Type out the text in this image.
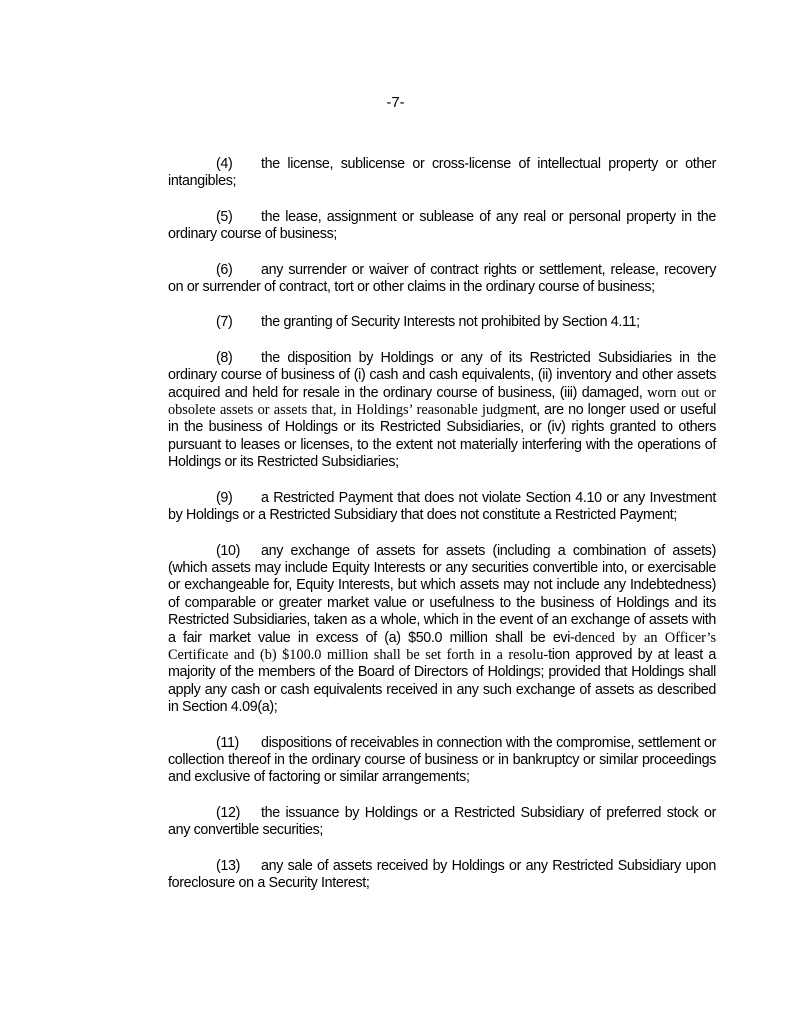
-7-

(4) the license, sublicense or cross-license of intellectual property or other intangibles;

(5) the lease, assignment or sublease of any real or personal property in the ordinary course of business;

(6) any surrender or waiver of contract rights or settlement, release, recovery on or surrender of contract, tort or other claims in the ordinary course of business;

(7) the granting of Security Interests not prohibited by Section 4.11;

(8) the disposition by Holdings or any of its Restricted Subsidiaries in the ordinary course of business of (i) cash and cash equivalents, (ii) inventory and other assets acquired and held for resale in the ordinary course of business, (iii) damaged, worn out or obsolete assets or assets that, in Holdings’ reasonable judgment, are no longer used or useful in the business of Holdings or its Restricted Subsidiaries, or (iv) rights granted to others pursuant to leases or licenses, to the extent not materially interfering with the operations of Holdings or its Restricted Subsidiaries;

(9) a Restricted Payment that does not violate Section 4.10 or any Investment by Holdings or a Restricted Subsidiary that does not constitute a Restricted Payment;

(10) any exchange of assets for assets (including a combination of assets) (which assets may include Equity Interests or any securities convertible into, or exercisable or exchangeable for, Equity Interests, but which assets may not include any Indebtedness) of comparable or greater market value or usefulness to the business of Holdings and its Restricted Subsidiaries, taken as a whole, which in the event of an exchange of assets with a fair market value in excess of (a) $50.0 million shall be evi-denced by an Officer’s Certificate and (b) $100.0 million shall be set forth in a resolu-tion approved by at least a majority of the members of the Board of Directors of Holdings; provided that Holdings shall apply any cash or cash equivalents received in any such exchange of assets as described in Section 4.09(a);

(11) dispositions of receivables in connection with the compromise, settlement or collection thereof in the ordinary course of business or in bankruptcy or similar proceedings and exclusive of factoring or similar arrangements;

(12) the issuance by Holdings or a Restricted Subsidiary of preferred stock or any convertible securities;

(13) any sale of assets received by Holdings or any Restricted Subsidiary upon foreclosure on a Security Interest;
